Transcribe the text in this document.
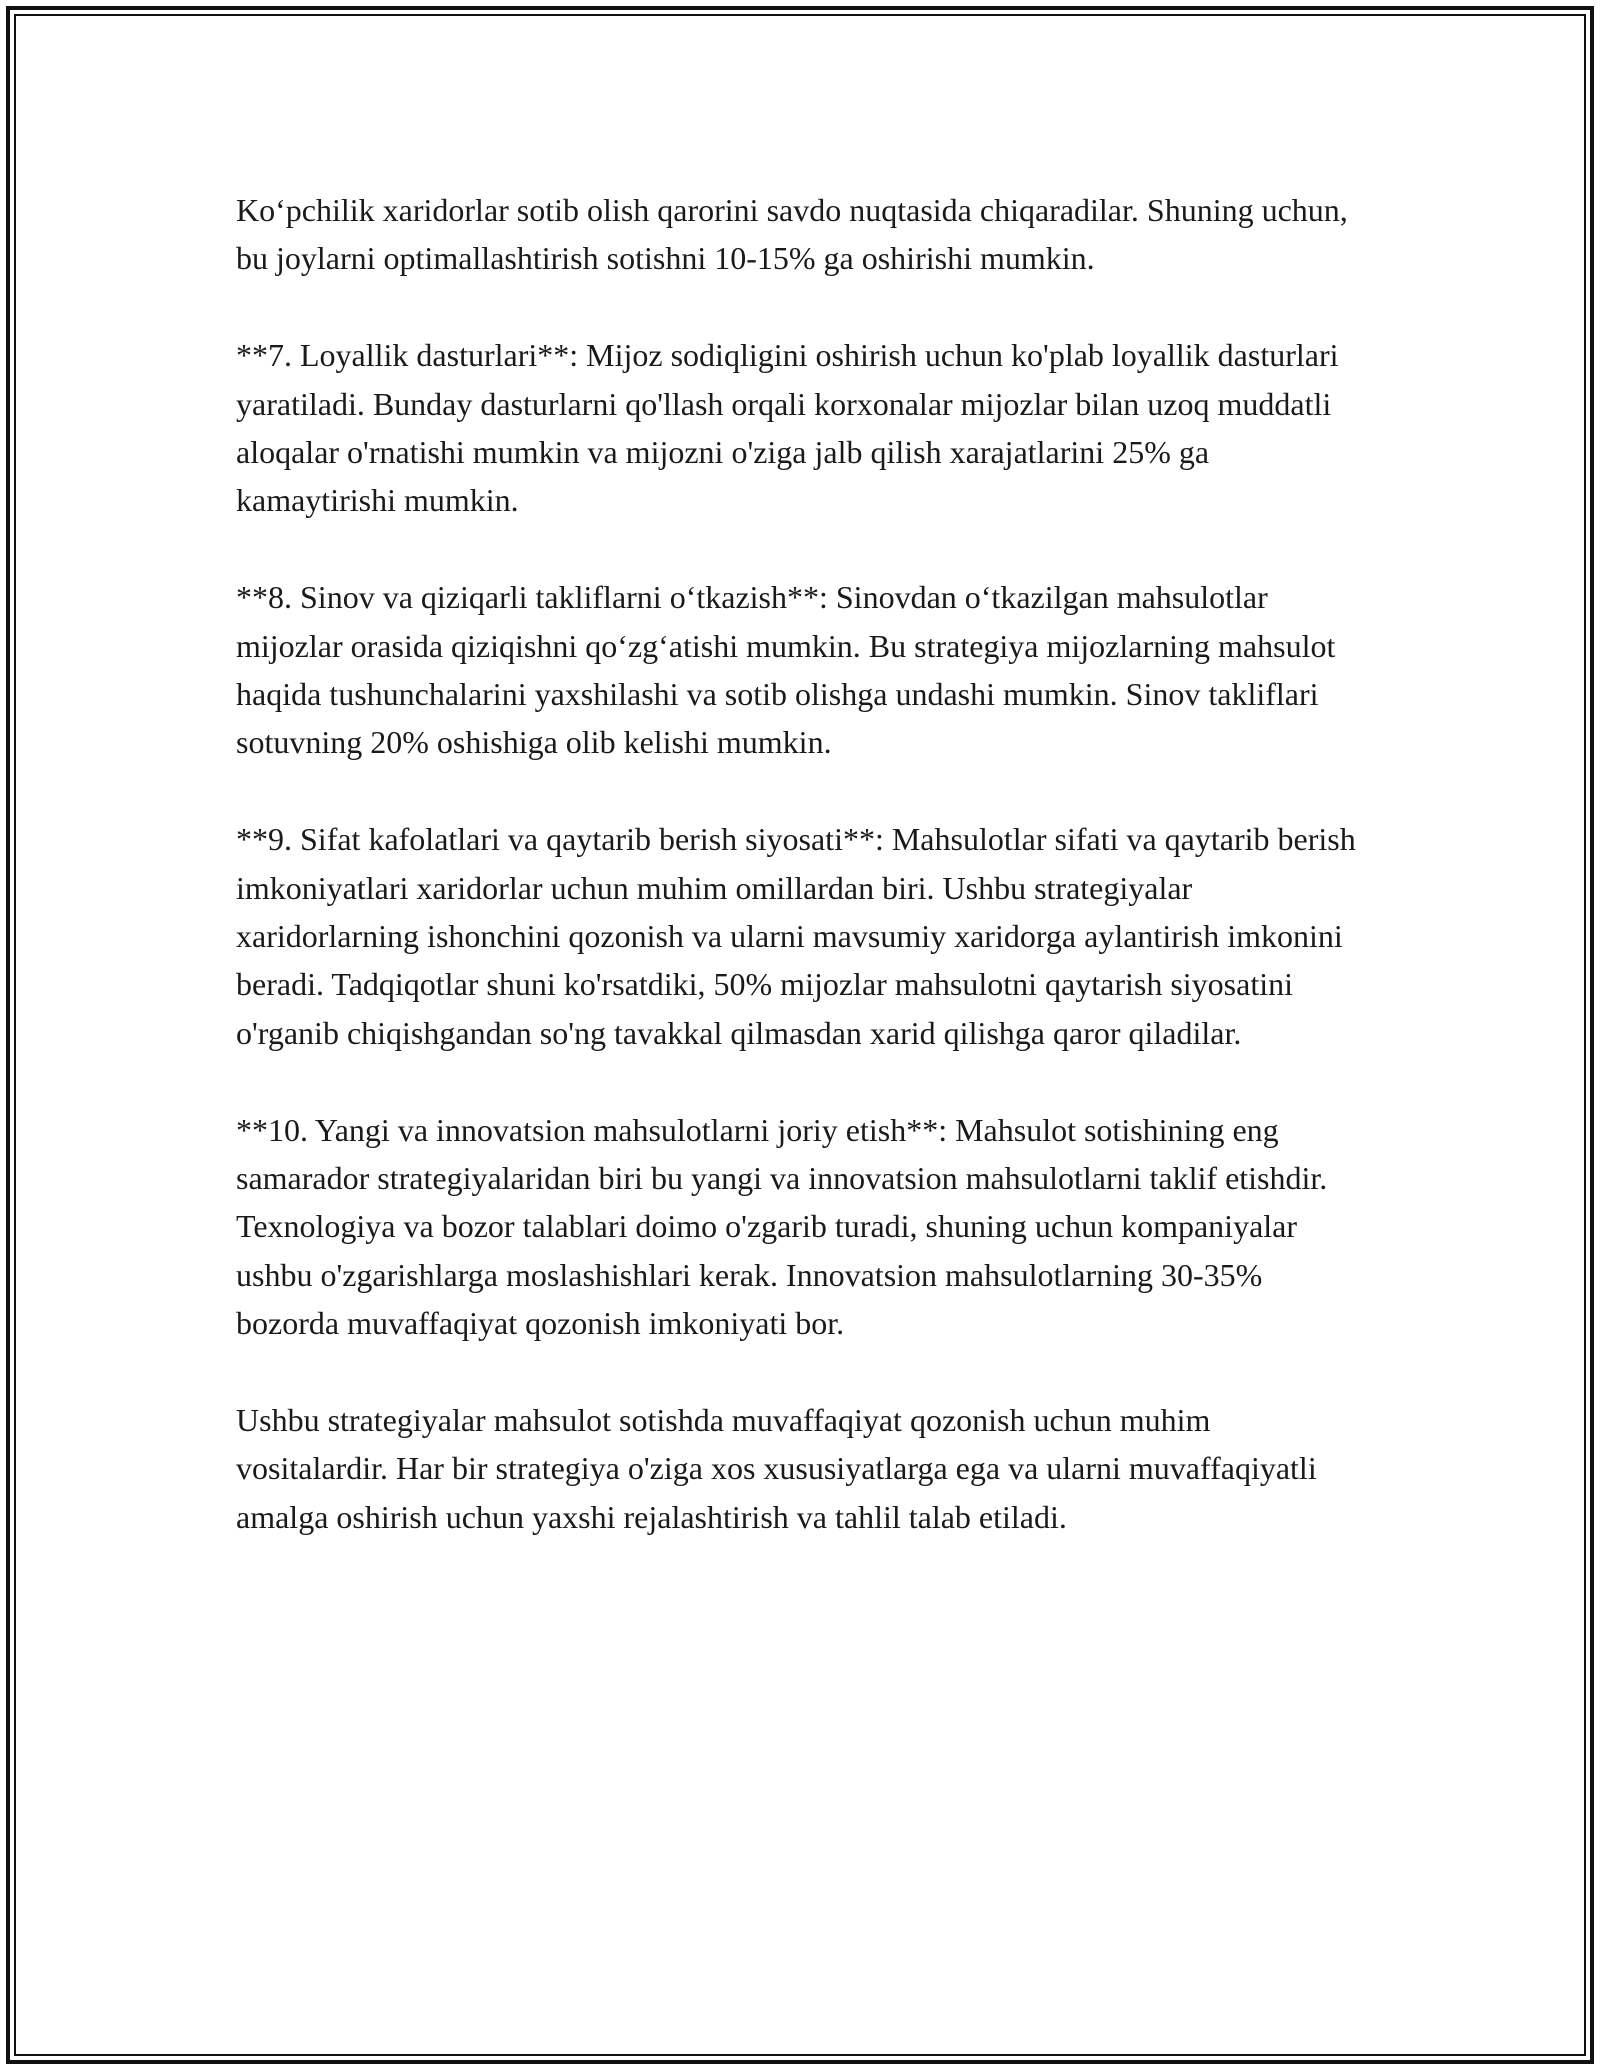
Ko‘pchilik xaridorlar sotib olish qarorini savdo nuqtasida chiqaradilar. Shuning uchun, bu joylarni optimallashtirish sotishni 10-15% ga oshirishi mumkin.

**7. Loyallik dasturlari**: Mijoz sodiqligini oshirish uchun ko'plab loyallik dasturlari yaratiladi. Bunday dasturlarni qo'llash orqali korxonalar mijozlar bilan uzoq muddatli aloqalar o'rnatishi mumkin va mijozni o'ziga jalb qilish xarajatlarini 25% ga kamaytirishi mumkin.

**8. Sinov va qiziqarli takliflarni o‘tkazish**: Sinovdan o‘tkazilgan mahsulotlar mijozlar orasida qiziqishni qo‘zg‘atishi mumkin. Bu strategiya mijozlarning mahsulot haqida tushunchalarini yaxshilashi va sotib olishga undashi mumkin. Sinov takliflari sotuvning 20% oshishiga olib kelishi mumkin.

**9. Sifat kafolatlari va qaytarib berish siyosati**: Mahsulotlar sifati va qaytarib berish imkoniyatlari xaridorlar uchun muhim omillardan biri. Ushbu strategiyalar xaridorlarning ishonchini qozonish va ularni mavsumiy xaridorga aylantirish imkonini beradi. Tadqiqotlar shuni ko'rsatdiki, 50% mijozlar mahsulotni qaytarish siyosatini o'rganib chiqishgandan so'ng tavakkal qilmasdan xarid qilishga qaror qiladilar.

**10. Yangi va innovatsion mahsulotlarni joriy etish**: Mahsulot sotishining eng samarador strategiyalaridan biri bu yangi va innovatsion mahsulotlarni taklif etishdir. Texnologiya va bozor talablari doimo o'zgarib turadi, shuning uchun kompaniyalar ushbu o'zgarishlarga moslashishlari kerak. Innovatsion mahsulotlarning 30-35% bozorda muvaffaqiyat qozonish imkoniyati bor.

Ushbu strategiyalar mahsulot sotishda muvaffaqiyat qozonish uchun muhim vositalardir. Har bir strategiya o'ziga xos xususiyatlarga ega va ularni muvaffaqiyatli amalga oshirish uchun yaxshi rejalashtirish va tahlil talab etiladi.
